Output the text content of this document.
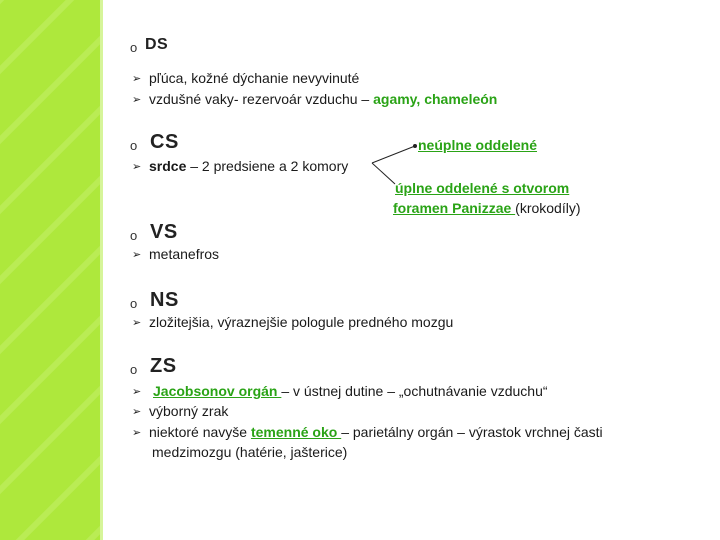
o DS
➢ pľúca, kožné dýchanie nevyvinuté
➢ vzdušné vaky- rezervoár vzduchu – agamy, chameleón
o CS	neúplne oddelené
➢ srdce – 2 predsiene a 2 komory
úplne oddelené s otvorom
foramen Panizzae (krokodíly)
o VS
➢ metanefros
o NS
➢ zložitejšia, výraznejšie pologule predného mozgu
o ZS
➢ Jacobsonov orgán – v ústnej dutine – „ochutnávanie vzduchu“
➢ výborný zrak
➢ niektoré navyše temenné oko – parietálny orgán – výrastok vrchnej časti
medzimozgu (hatérie, jašterice)
